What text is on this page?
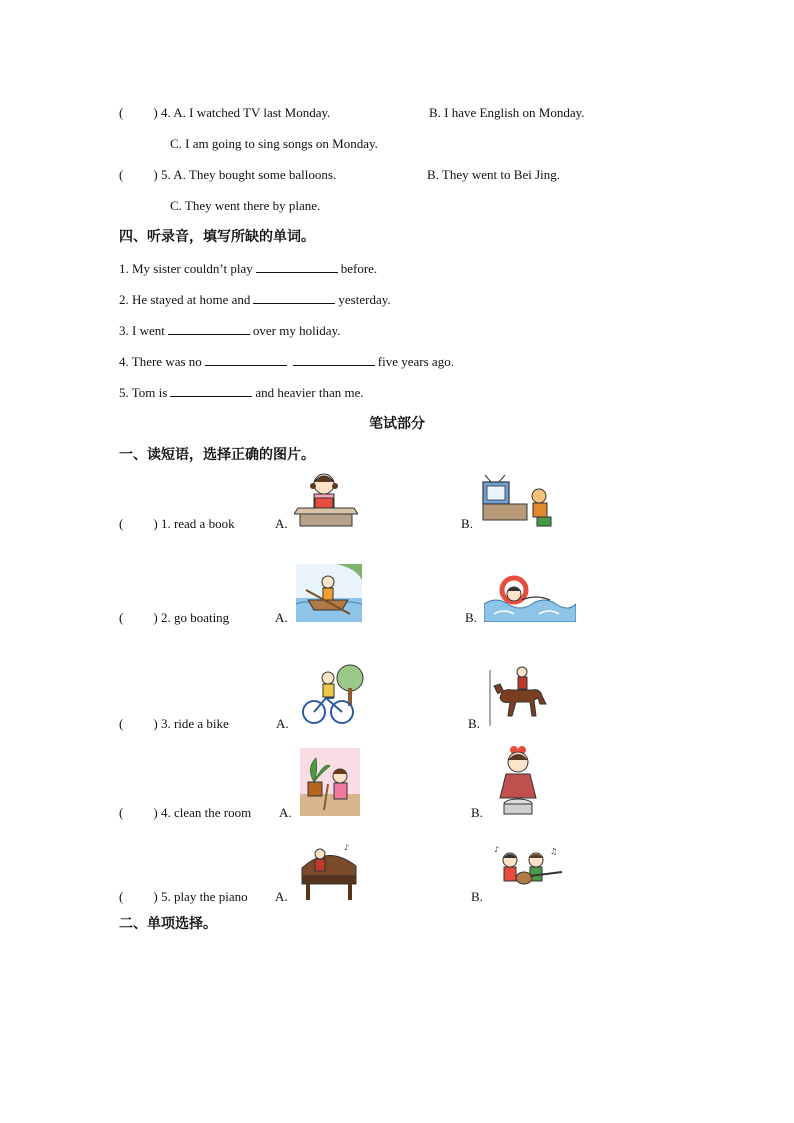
( ) 4. A. I watched TV last Monday.	B. I have English on Monday.
C. I am going to sing songs on Monday.
( ) 5. A. They bought some balloons.	B. They went to Bei Jing.
C. They went there by plane.
四、听录音，填写所缺的单词。
1. My sister couldn’t play	before.
2. He stayed at home and	yesterday.
3. I went	over my holiday.
4. There was no	five years ago.
5. Tom is	and heavier than me.
笔试部分
一、读短语，选择正确的图片。
( ) 1. read a book	A.	B.
( ) 2. go boating	A.	B.
( ) 3. ride a bike	A.	B.
( ) 4. clean the room A.	B.
( ) 5. play the piano A.
♪
B.
♪	♫
二、单项选择。
